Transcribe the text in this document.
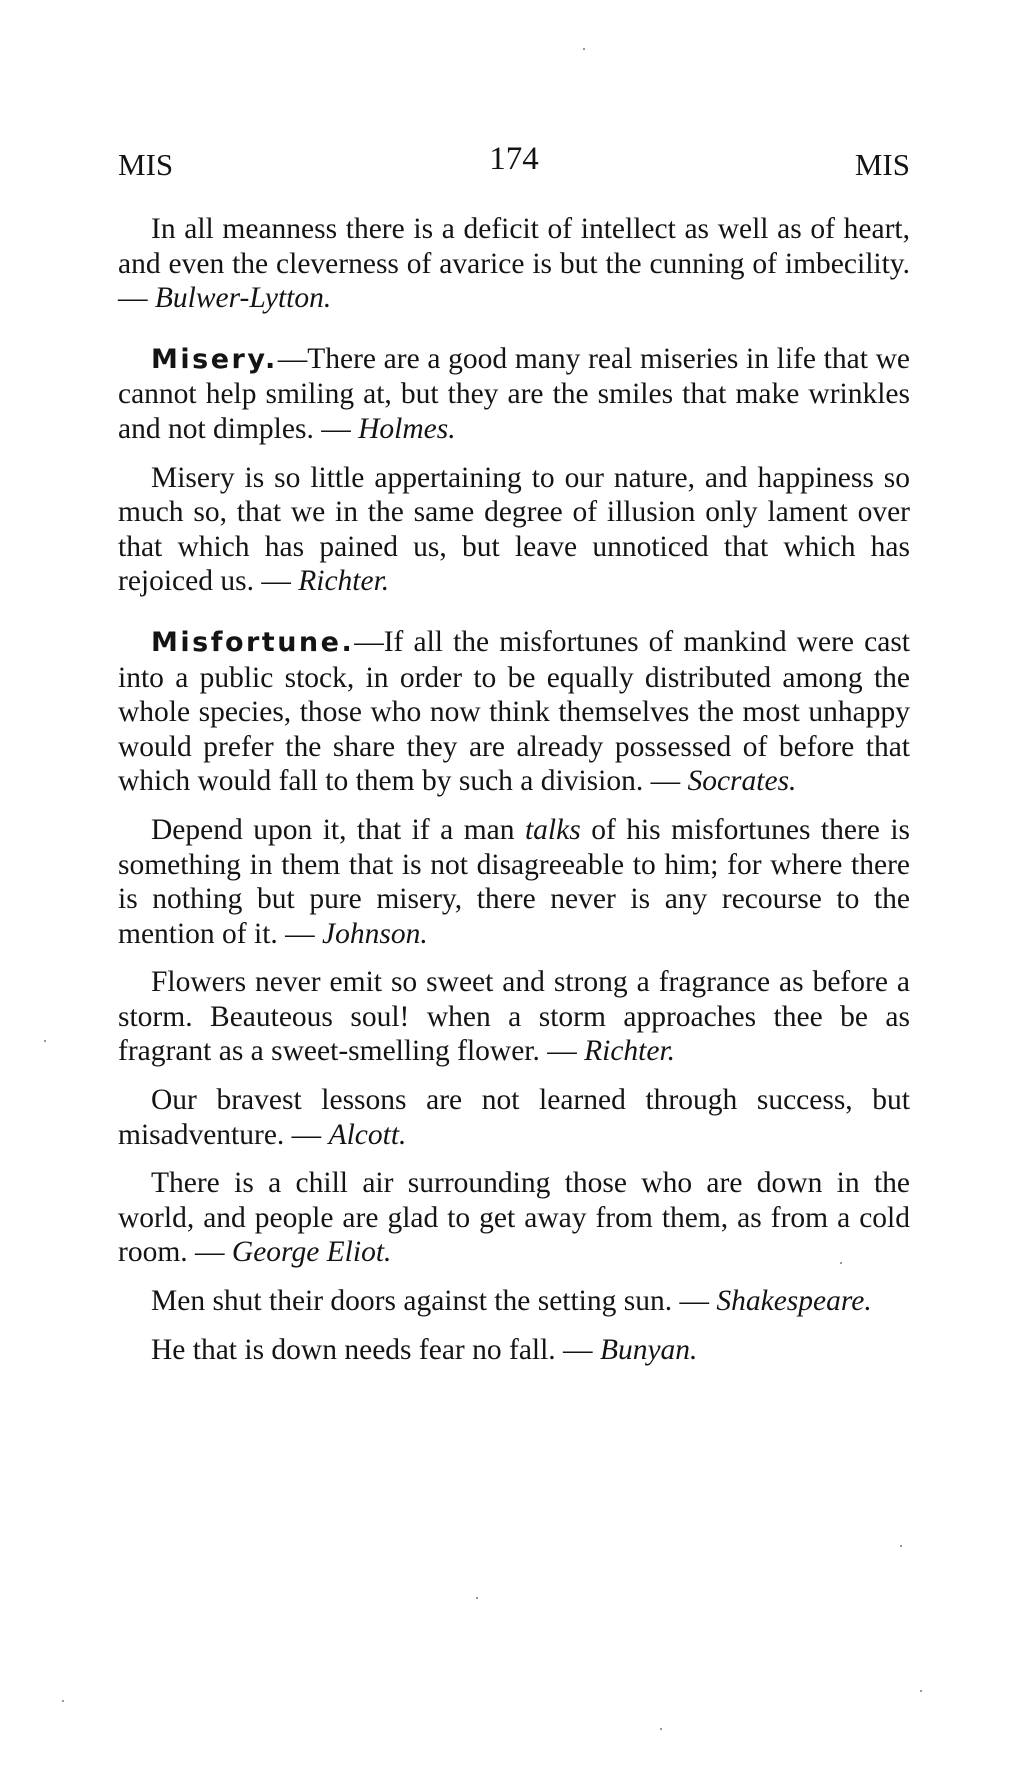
MIS	174	MIS

In all meanness there is a deficit of intellect as well as of heart, and even the cleverness of avarice is but the cunning of imbecility. — Bulwer-Lytton.

Misery.—There are a good many real miseries in life that we cannot help smiling at, but they are the smiles that make wrinkles and not dimples. — Holmes.

Misery is so little appertaining to our nature, and happiness so much so, that we in the same degree of illusion only lament over that which has pained us, but leave unnoticed that which has rejoiced us. — Richter.

Misfortune.—If all the misfortunes of mankind were cast into a public stock, in order to be equally distributed among the whole species, those who now think themselves the most unhappy would prefer the share they are already possessed of before that which would fall to them by such a division. — Socrates.

Depend upon it, that if a man talks of his misfortunes there is something in them that is not disagreeable to him; for where there is nothing but pure misery, there never is any recourse to the mention of it. — Johnson.

Flowers never emit so sweet and strong a fragrance as before a storm. Beauteous soul! when a storm approaches thee be as fragrant as a sweet-smelling flower. — Richter.

Our bravest lessons are not learned through success, but misadventure. — Alcott.

There is a chill air surrounding those who are down in the world, and people are glad to get away from them, as from a cold room. — George Eliot.

Men shut their doors against the setting sun. — Shakespeare.

He that is down needs fear no fall. — Bunyan.
